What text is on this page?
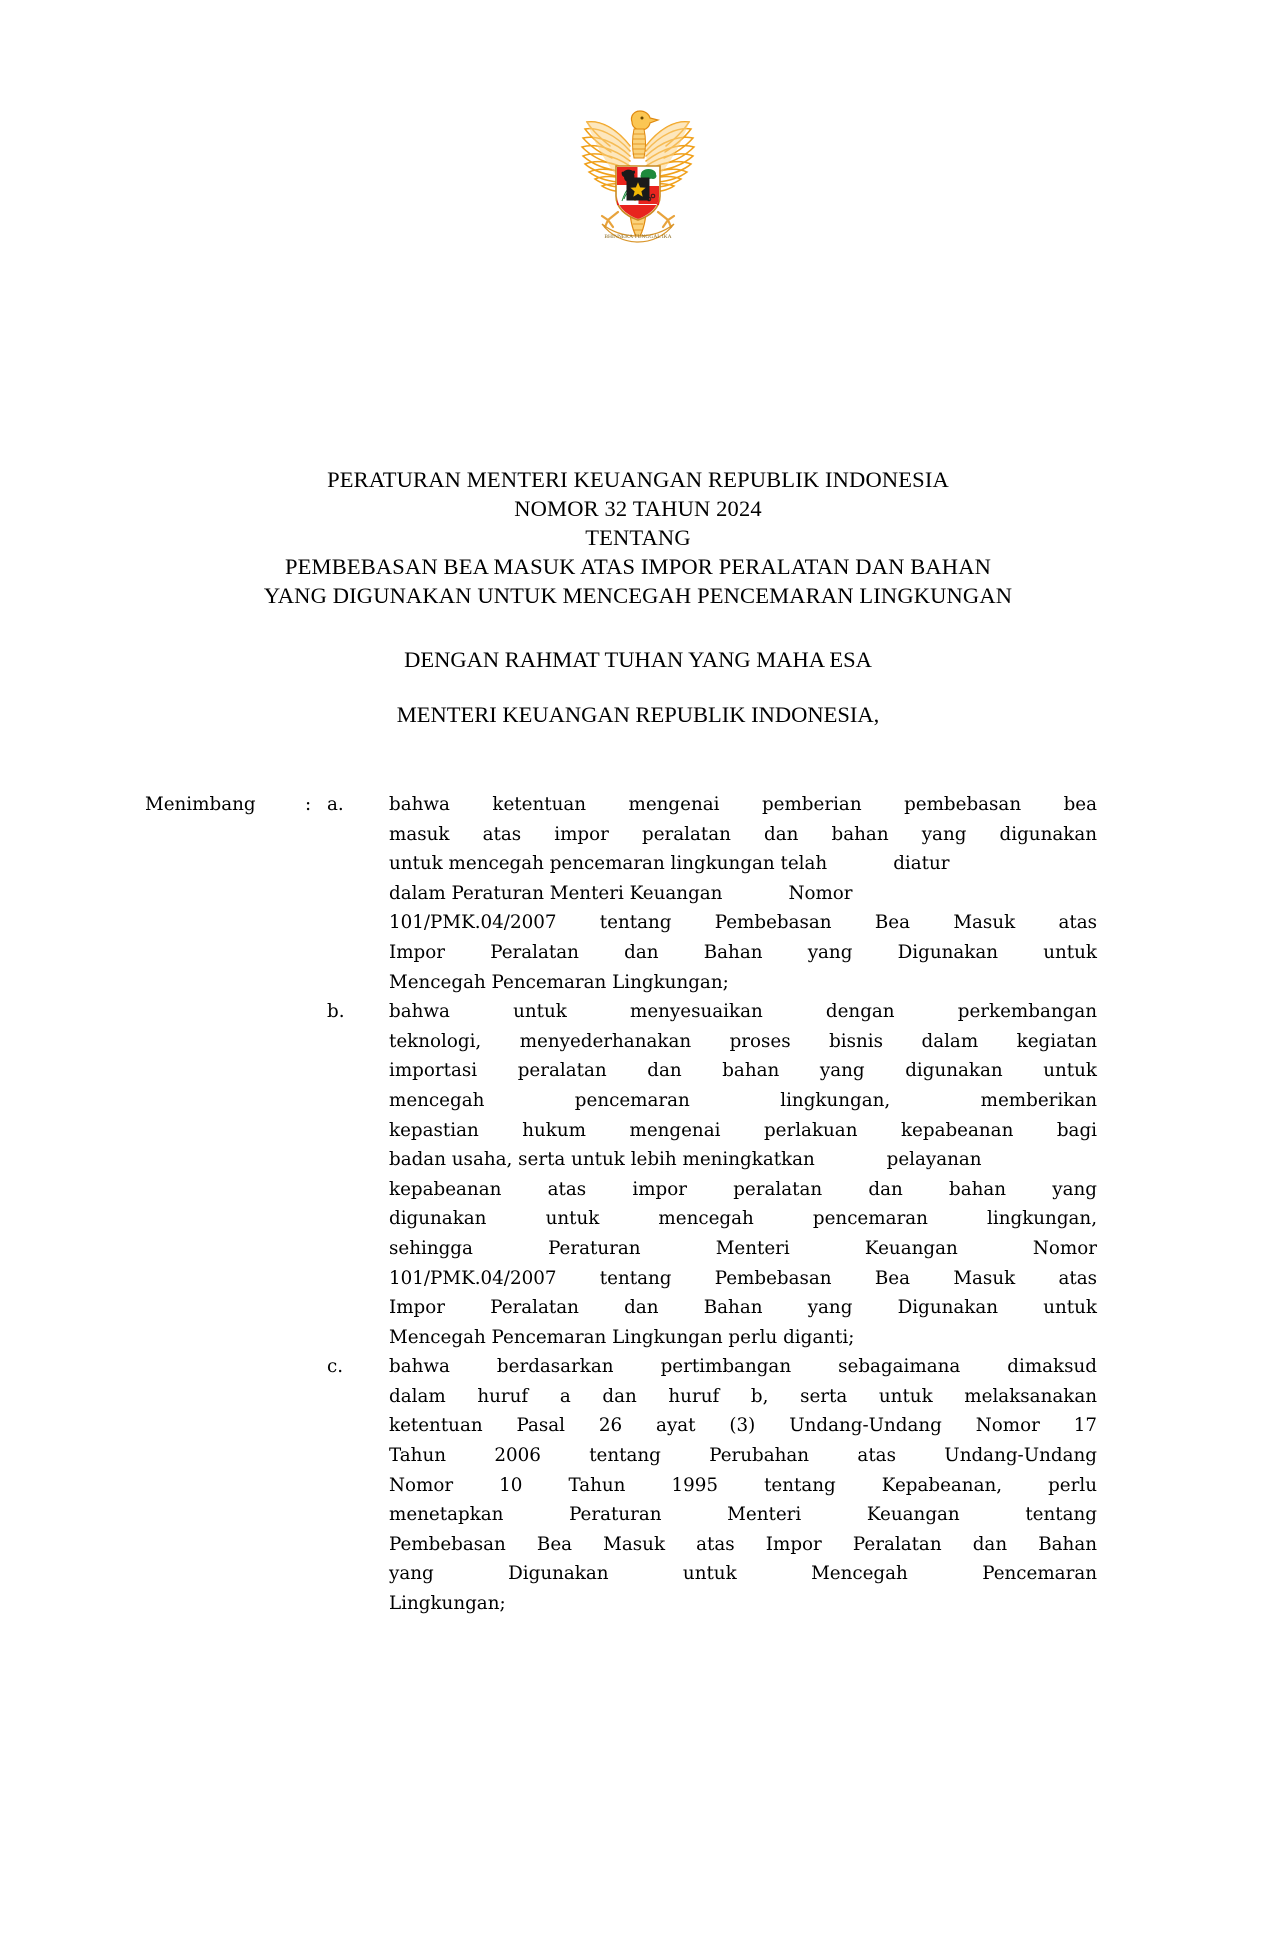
BHINNEKA TUNGGAL IKA
PERATURAN MENTERI KEUANGAN REPUBLIK INDONESIA
NOMOR 32 TAHUN 2024
TENTANG
PEMBEBASAN BEA MASUK ATAS IMPOR PERALATAN DAN BAHAN
YANG DIGUNAKAN UNTUK MENCEGAH PENCEMARAN LINGKUNGAN
DENGAN RAHMAT TUHAN YANG MAHA ESA
MENTERI KEUANGAN REPUBLIK INDONESIA,
Menimbang	: a.	bahwa ketentuan mengenai pemberian pembebasan bea
masuk atas impor peralatan dan bahan yang digunakan
untuk mencegah pencemaran lingkungan telah	diatur
dalam Peraturan Menteri Keuangan	Nomor
101/PMK.04/2007 tentang Pembebasan Bea Masuk atas
Impor Peralatan dan Bahan yang Digunakan untuk
Mencegah Pencemaran Lingkungan;
b.	bahwa untuk menyesuaikan dengan perkembangan
teknologi, menyederhanakan proses bisnis dalam kegiatan
importasi peralatan dan bahan yang digunakan untuk
mencegah pencemaran lingkungan, memberikan
kepastian hukum mengenai perlakuan kepabeanan bagi
badan usaha, serta untuk lebih meningkatkan	pelayanan
kepabeanan atas impor peralatan dan bahan yang
digunakan untuk mencegah pencemaran lingkungan,
sehingga Peraturan Menteri Keuangan Nomor
101/PMK.04/2007 tentang Pembebasan Bea Masuk atas
Impor Peralatan dan Bahan yang Digunakan untuk
Mencegah Pencemaran Lingkungan perlu diganti;
c.	bahwa berdasarkan pertimbangan sebagaimana dimaksud
dalam huruf a dan huruf b, serta untuk melaksanakan
ketentuan Pasal 26 ayat (3) Undang-Undang Nomor 17
Tahun 2006 tentang Perubahan atas Undang-Undang
Nomor 10 Tahun 1995 tentang Kepabeanan, perlu
menetapkan Peraturan Menteri Keuangan tentang
Pembebasan Bea Masuk atas Impor Peralatan dan Bahan
yang Digunakan untuk Mencegah Pencemaran
Lingkungan;
